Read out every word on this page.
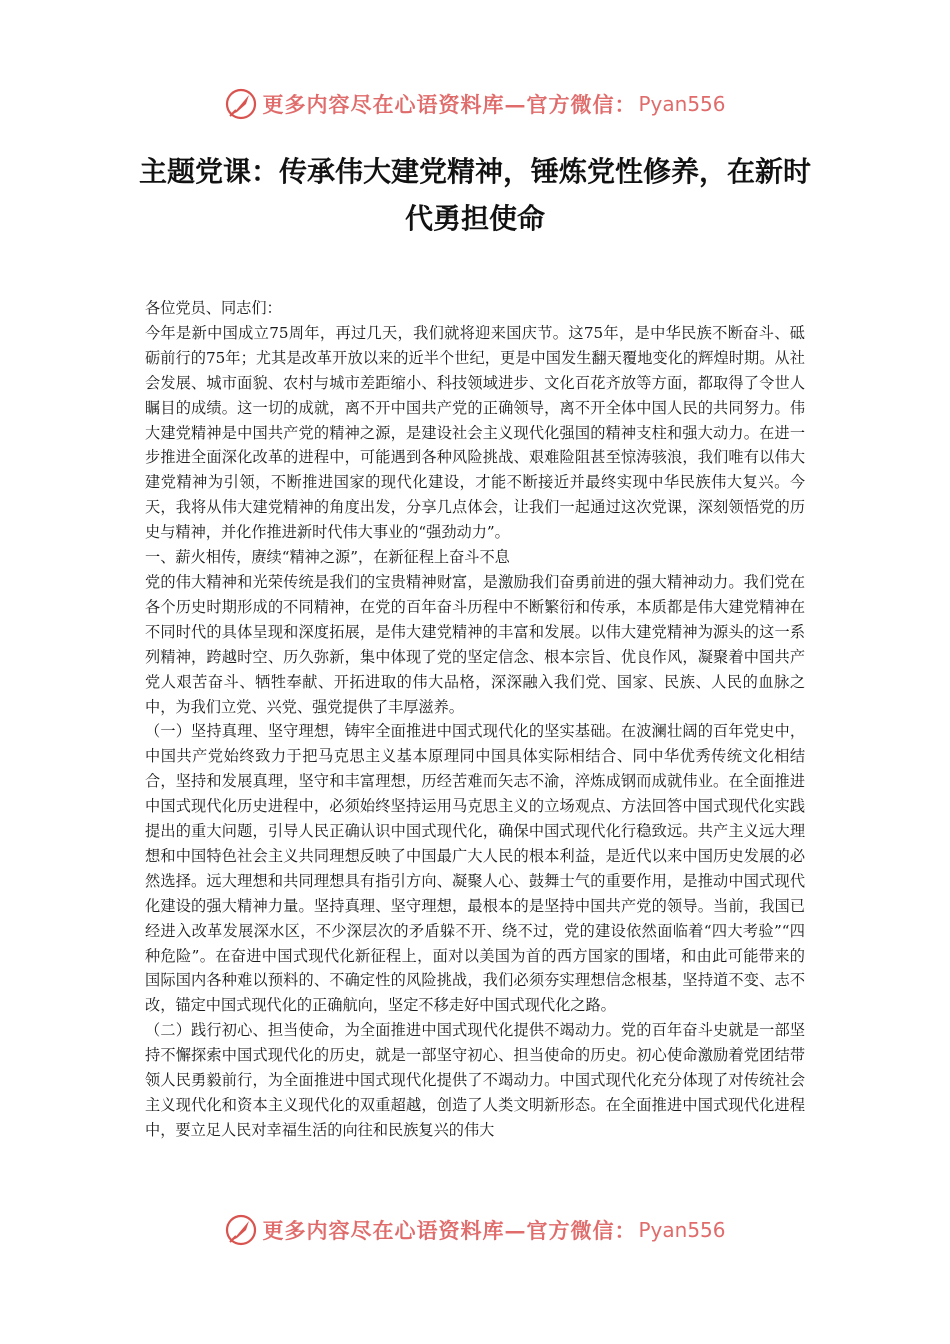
更多内容尽在心语资料库—官方微信： Pyan556
主题党课：传承伟大建党精神，锤炼党性修养，在新时代勇担使命

各位党员、同志们：

今年是新中国成立75周年，再过几天，我们就将迎来国庆节。这75年，是中华民族不断奋斗、砥砺前行的75年；尤其是改革开放以来的近半个世纪，更是中国发生翻天覆地变化的辉煌时期。从社会发展、城市面貌、农村与城市差距缩小、科技领域进步、文化百花齐放等方面，都取得了令世人瞩目的成绩。这一切的成就，离不开中国共产党的正确领导，离不开全体中国人民的共同努力。伟大建党精神是中国共产党的精神之源，是建设社会主义现代化强国的精神支柱和强大动力。在进一步推进全面深化改革的进程中，可能遇到各种风险挑战、艰难险阻甚至惊涛骇浪，我们唯有以伟大建党精神为引领，不断推进国家的现代化建设，才能不断接近并最终实现中华民族伟大复兴。今天，我将从伟大建党精神的角度出发，分享几点体会，让我们一起通过这次党课，深刻领悟党的历史与精神，并化作推进新时代伟大事业的“强劲动力”。

一、薪火相传，赓续“精神之源”，在新征程上奋斗不息

党的伟大精神和光荣传统是我们的宝贵精神财富，是激励我们奋勇前进的强大精神动力。我们党在各个历史时期形成的不同精神，在党的百年奋斗历程中不断繁衍和传承，本质都是伟大建党精神在不同时代的具体呈现和深度拓展，是伟大建党精神的丰富和发展。以伟大建党精神为源头的这一系列精神，跨越时空、历久弥新，集中体现了党的坚定信念、根本宗旨、优良作风，凝聚着中国共产党人艰苦奋斗、牺牲奉献、开拓进取的伟大品格，深深融入我们党、国家、民族、人民的血脉之中，为我们立党、兴党、强党提供了丰厚滋养。

（一）坚持真理、坚守理想，铸牢全面推进中国式现代化的坚实基础。在波澜壮阔的百年党史中，中国共产党始终致力于把马克思主义基本原理同中国具体实际相结合、同中华优秀传统文化相结合，坚持和发展真理，坚守和丰富理想，历经苦难而矢志不渝，淬炼成钢而成就伟业。在全面推进中国式现代化历史进程中，必须始终坚持运用马克思主义的立场观点、方法回答中国式现代化实践提出的重大问题，引导人民正确认识中国式现代化，确保中国式现代化行稳致远。共产主义远大理想和中国特色社会主义共同理想反映了中国最广大人民的根本利益，是近代以来中国历史发展的必然选择。远大理想和共同理想具有指引方向、凝聚人心、鼓舞士气的重要作用，是推动中国式现代化建设的强大精神力量。坚持真理、坚守理想，最根本的是坚持中国共产党的领导。当前，我国已经进入改革发展深水区，不少深层次的矛盾躲不开、绕不过，党的建设依然面临着“四大考验”“四种危险”。在奋进中国式现代化新征程上，面对以美国为首的西方国家的围堵，和由此可能带来的国际国内各种难以预料的、不确定性的风险挑战，我们必须夯实理想信念根基，坚持道不变、志不改，锚定中国式现代化的正确航向，坚定不移走好中国式现代化之路。

（二）践行初心、担当使命，为全面推进中国式现代化提供不竭动力。党的百年奋斗史就是一部坚持不懈探索中国式现代化的历史，就是一部坚守初心、担当使命的历史。初心使命激励着党团结带领人民勇毅前行，为全面推进中国式现代化提供了不竭动力。中国式现代化充分体现了对传统社会主义现代化和资本主义现代化的双重超越，创造了人类文明新形态。在全面推进中国式现代化进程中，要立足人民对幸福生活的向往和民族复兴的伟大

更多内容尽在心语资料库—官方微信： Pyan556
